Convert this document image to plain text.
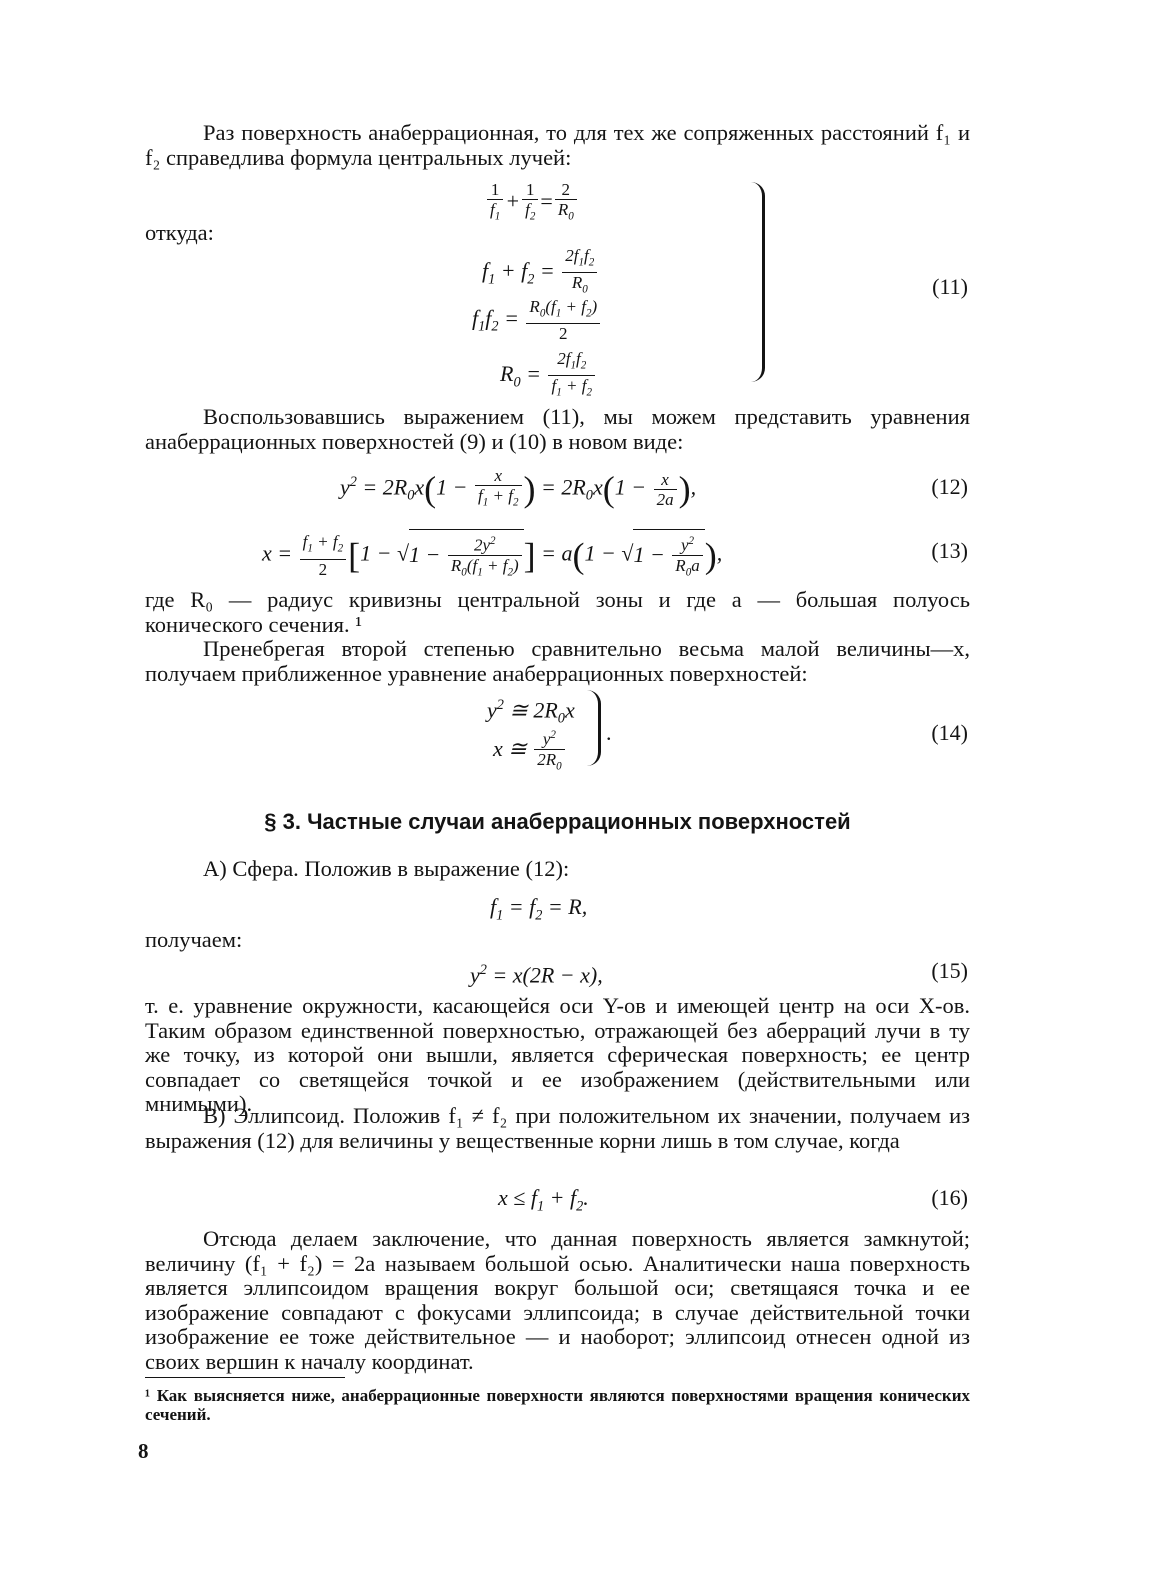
Раз поверхность анаберрационная, то для тех же сопряженных расстояний f₁ и f₂ справедлива формула центральных лучей:

$\frac{1}{f_1} + \frac{1}{f_2} = \frac{2}{R_0}$

откуда:

$f_1 + f_2 = \frac{2f_1f_2}{R_0}$
$f_1f_2 = \frac{R_0(f_1 + f_2)}{2}$
$R_0 = \frac{2f_1f_2}{f_1 + f_2}$
(11)

Воспользовавшись выражением (11), мы можем представить уравнения анаберрационных поверхностей (9) и (10) в новом виде:

$y^2 = 2R_0x(1 - \frac{x}{f_1 + f_2}$ ) = $2R_0x(1 - \frac{x}{2a}$ ),	(12)
$x = \frac{f_1 + f_2}{2} [1 - √1 - \frac{2y^2}{R_0(f_1 + f_2)}$ ] = $a(1 - √1 - \frac{y^2}{R_0a}$ ),	(13)

где R₀ — радиус кривизны центральной зоны и где a — большая полуось конического сечения. ¹

Пренебрегая второй степенью сравнительно весьма малой величины—x, получаем приближенное уравнение анаберрационных поверхностей:

$y^2$ ≅ $2R_0x$
x ≅ $\frac{y^2}{2R_0}$ .	(14)
§ 3. Частные случаи анаберрационных поверхностей

A) Сфера. Положив в выражение (12):

$f_1 = f_2 = R$,

получаем:

$y^2 = x(2R - x)$,	(15)

т. е. уравнение окружности, касающейся оси Y-ов и имеющей центр на оси X-ов. Таким образом единственной поверхностью, отражающей без аберраций лучи в ту же точку, из которой они вышли, является сферическая поверхность; ее центр совпадает со светящейся точкой и ее изображением (действительными или мнимыми).

B) Эллипсоид. Положив f₁ ≠ f₂ при положительном их значении, получаем из выражения (12) для величины y вещественные корни лишь в том случае, когда

$x \le f_1 + f_2$.	(16)

Отсюда делаем заключение, что данная поверхность является замкнутой; величину (f₁ + f₂) = 2a называем большой осью. Аналитически наша поверхность является эллипсоидом вращения вокруг большой оси; светящаяся точка и ее изображение совпадают с фокусами эллипсоида; в случае действительной точки изображение ее тоже действительное — и наоборот; эллипсоид отнесен одной из своих вершин к началу координат.

¹ Как выясняется ниже, анаберрационные поверхности являются поверхностями вращения конических сечений.
8
